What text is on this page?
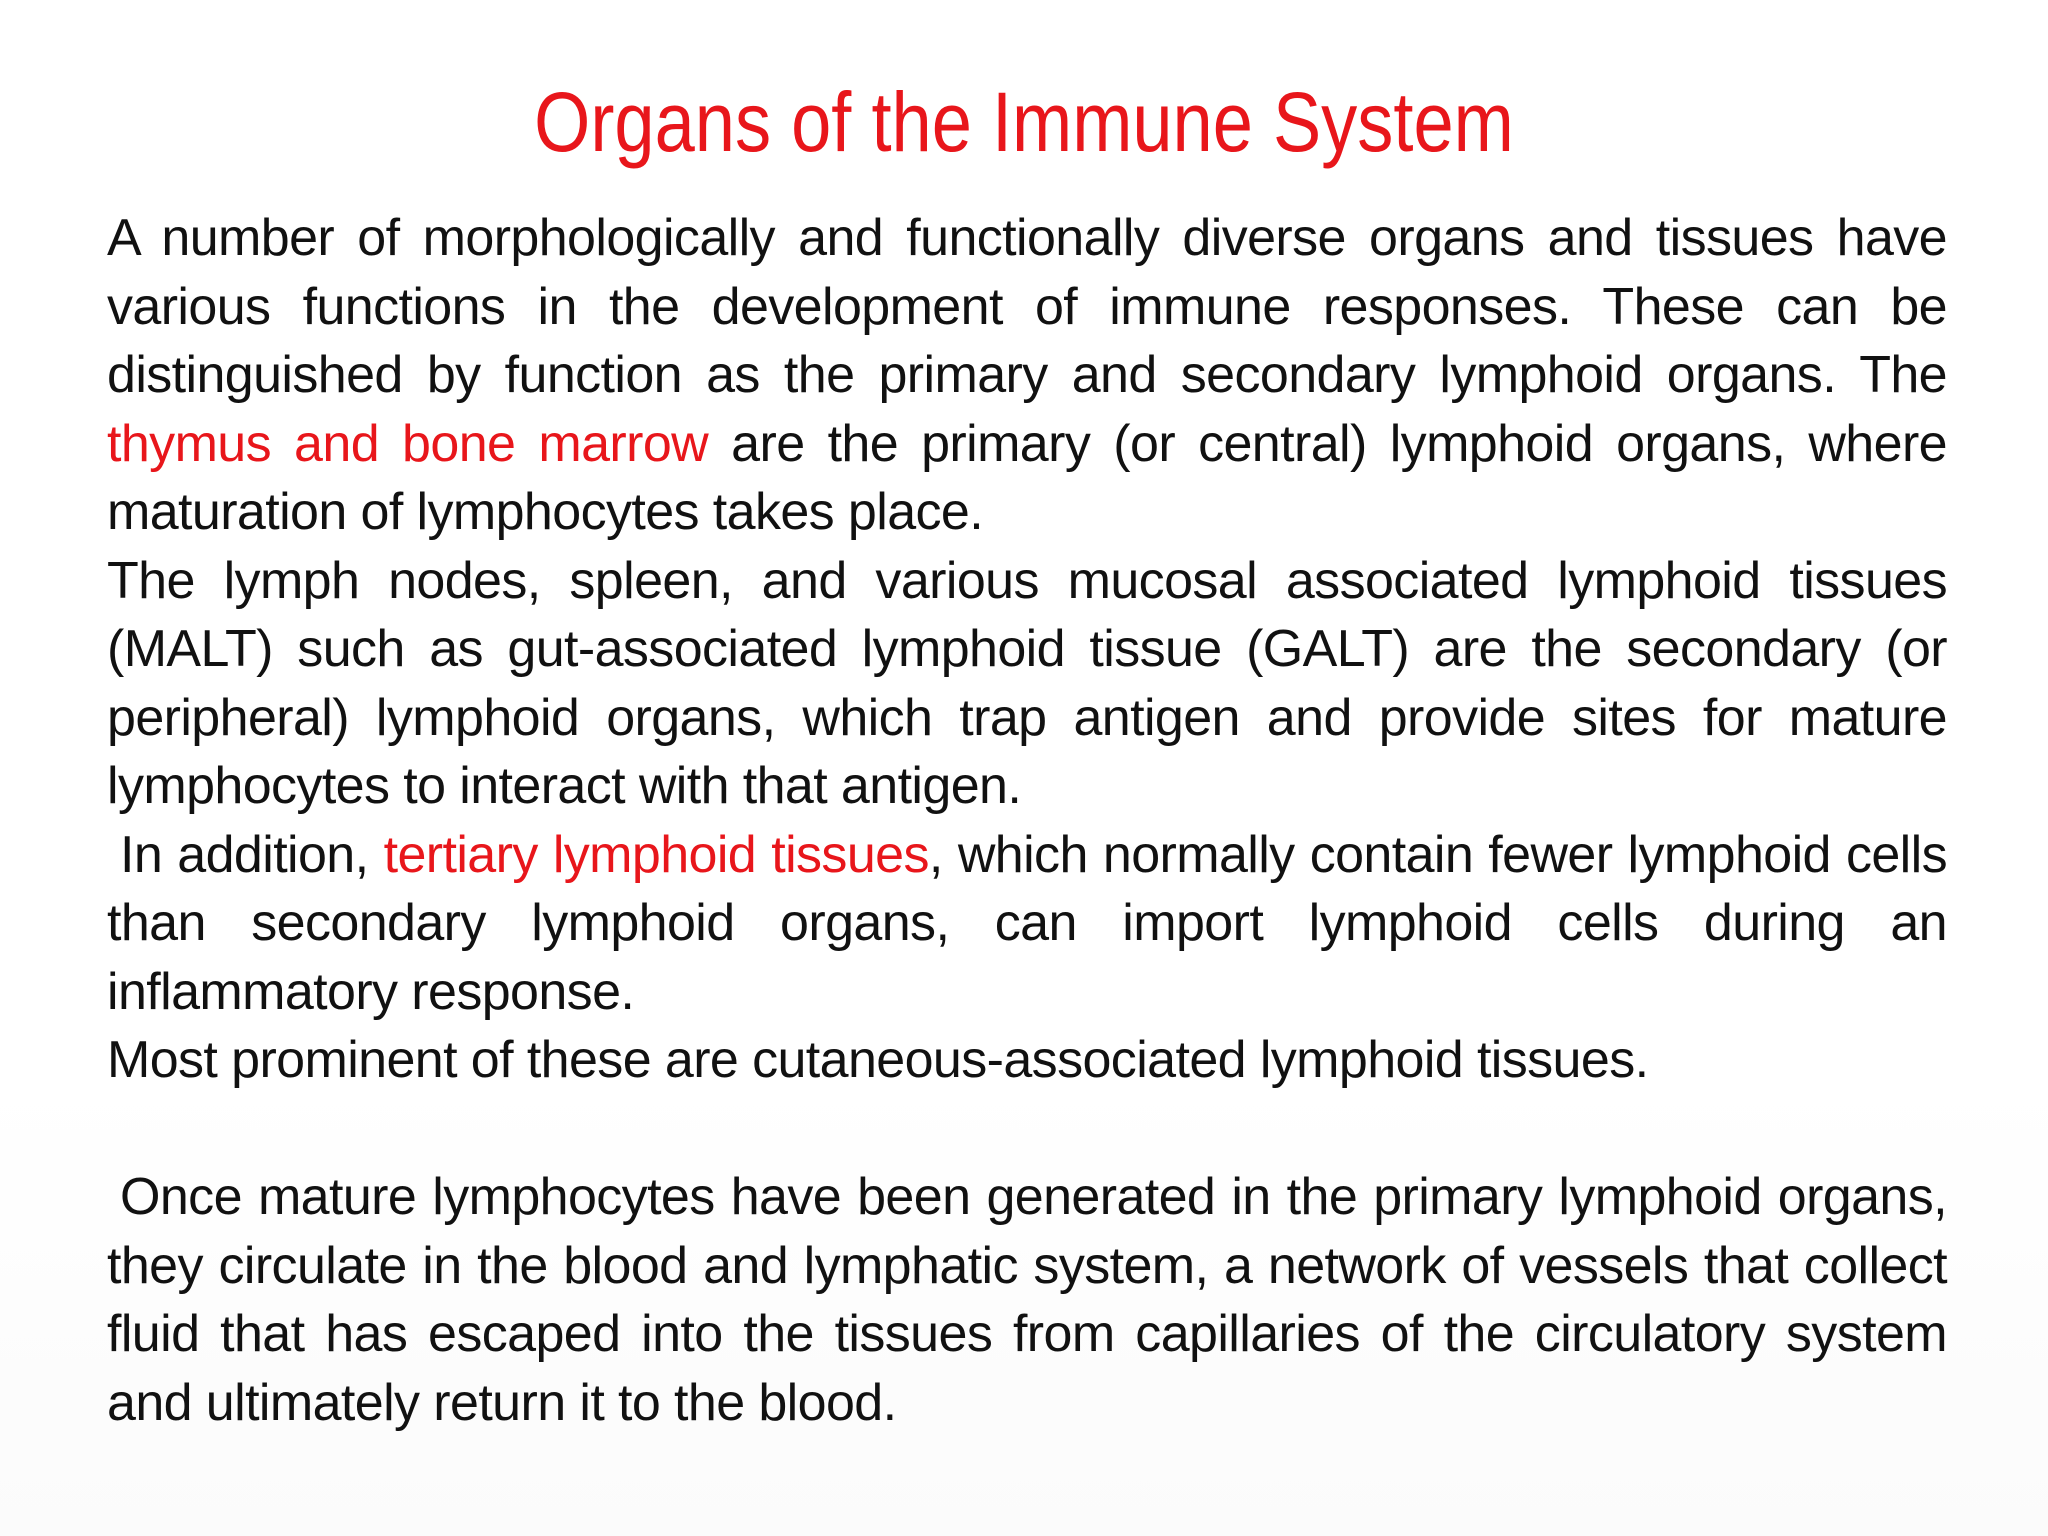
Organs of the Immune System

A number of morphologically and functionally diverse organs and tissues have various functions in the development of immune responses. These can be distinguished by function as the primary and secondary lymphoid organs. The thymus and bone marrow are the primary (or central) lymphoid organs, where maturation of lymphocytes takes place.

The lymph nodes, spleen, and various mucosal associated lymphoid tissues (MALT) such as gut-associated lymphoid tissue (GALT) are the secondary (or peripheral) lymphoid organs, which trap antigen and provide sites for mature lymphocytes to interact with that antigen.

In addition, tertiary lymphoid tissues, which normally contain fewer lymphoid cells than secondary lymphoid organs, can import lymphoid cells during an inflammatory response.

Most prominent of these are cutaneous-associated lymphoid tissues.

Once mature lymphocytes have been generated in the primary lymphoid organs, they circulate in the blood and lymphatic system, a network of vessels that collect fluid that has escaped into the tissues from capillaries of the circulatory system and ultimately return it to the blood.
